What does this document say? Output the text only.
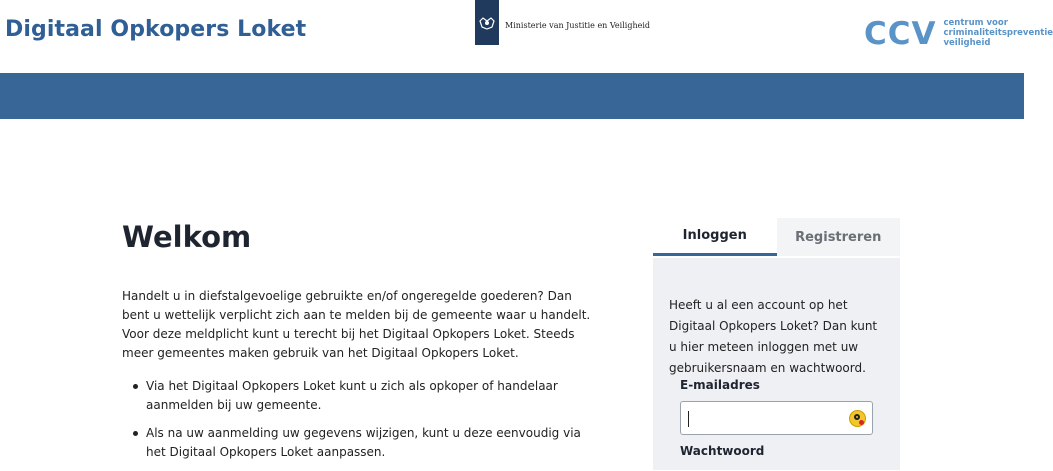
Digitaal Opkopers Loket	Ministerie van Justitie en Veiligheid	CCV centrum voor
criminaliteitspreventie
veiligheid
Welkom

Handelt u in diefstalgevoelige gebruikte en/of ongeregelde goederen? Dan bent u wettelijk verplicht zich aan te melden bij de gemeente waar u handelt. Voor deze meldplicht kunt u terecht bij het Digitaal Opkopers Loket. Steeds meer gemeentes maken gebruik van het Digitaal Opkopers Loket.

Via het Digitaal Opkopers Loket kunt u zich als opkoper of handelaar aanmelden bij uw gemeente.
Als na uw aanmelding uw gegevens wijzigen, kunt u deze eenvoudig via het Digitaal Opkopers Loket aanpassen.
Inloggen	Registreren

Heeft u al een account op het Digitaal Opkopers Loket? Dan kunt u hier meteen inloggen met uw gebruikersnaam en wachtwoord.

E-mailadres
Wachtwoord
